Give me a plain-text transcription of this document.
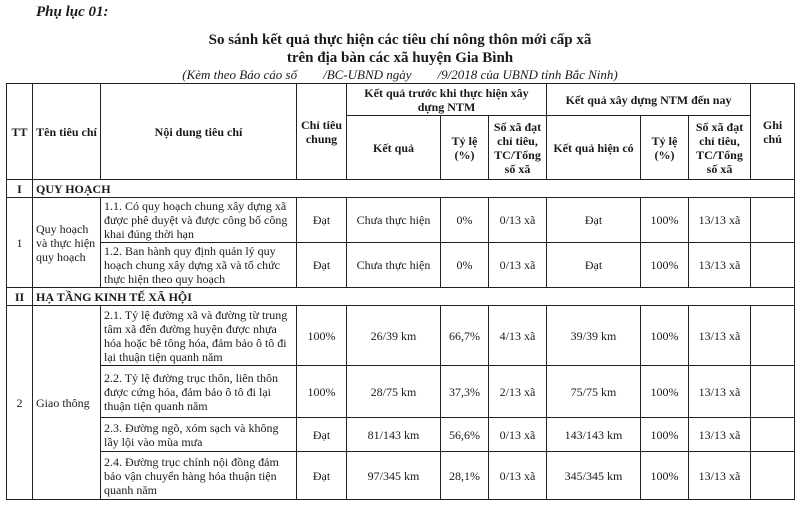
Phụ lục 01:
So sánh kết quả thực hiện các tiêu chí nông thôn mới cấp xã
trên địa bàn các xã huyện Gia Bình
(Kèm theo Báo cáo số        /BC-UBND ngày        /9/2018 của UBND tỉnh Bắc Ninh)
TT	Tên tiêu chí	Nội dung tiêu chí	Chỉ tiêu chung	Kết quả trước khi thực hiện xây dựng NTM			Kết quả xây dựng NTM đến nay			Ghi chú
				Kết quả	Tỷ lệ (%)	Số xã đạt chỉ tiêu, TC/Tổng số xã	Kết quả hiện có	Tỷ lệ (%)	Số xã đạt chỉ tiêu, TC/Tổng số xã	
I	QUY HOẠCH									
1	Quy hoạch và thực hiện quy hoạch	1.1. Có quy hoạch chung xây dựng xã được phê duyệt và được công bố công khai đúng thời hạn	Đạt	Chưa thực hiện	0%	0/13 xã	Đạt	100%	13/13 xã	
		1.2. Ban hành quy định quản lý quy hoạch chung xây dựng xã và tổ chức thực hiện theo quy hoạch	Đạt	Chưa thực hiện	0%	0/13 xã	Đạt	100%	13/13 xã	
II	HẠ TẦNG KINH TẾ XÃ HỘI									
2	Giao thông	2.1. Tỷ lệ đường xã và đường từ trung tâm xã đến đường huyện được nhựa hóa hoặc bê tông hóa, đảm bảo ô tô đi lại thuận tiện quanh năm	100%	26/39 km	66,7%	4/13 xã	39/39 km	100%	13/13 xã	
		2.2. Tỷ lệ đường trục thôn, liên thôn được cứng hóa, đảm bảo ô tô đi lại thuận tiện quanh năm	100%	28/75 km	37,3%	2/13 xã	75/75 km	100%	13/13 xã	
		2.3. Đường ngõ, xóm sạch và không lầy lội vào mùa mưa	Đạt	81/143 km	56,6%	0/13 xã	143/143 km	100%	13/13 xã	
		2.4. Đường trục chính nội đồng đảm bảo vận chuyển hàng hóa thuận tiện quanh năm	Đạt	97/345 km	28,1%	0/13 xã	345/345 km	100%	13/13 xã	
